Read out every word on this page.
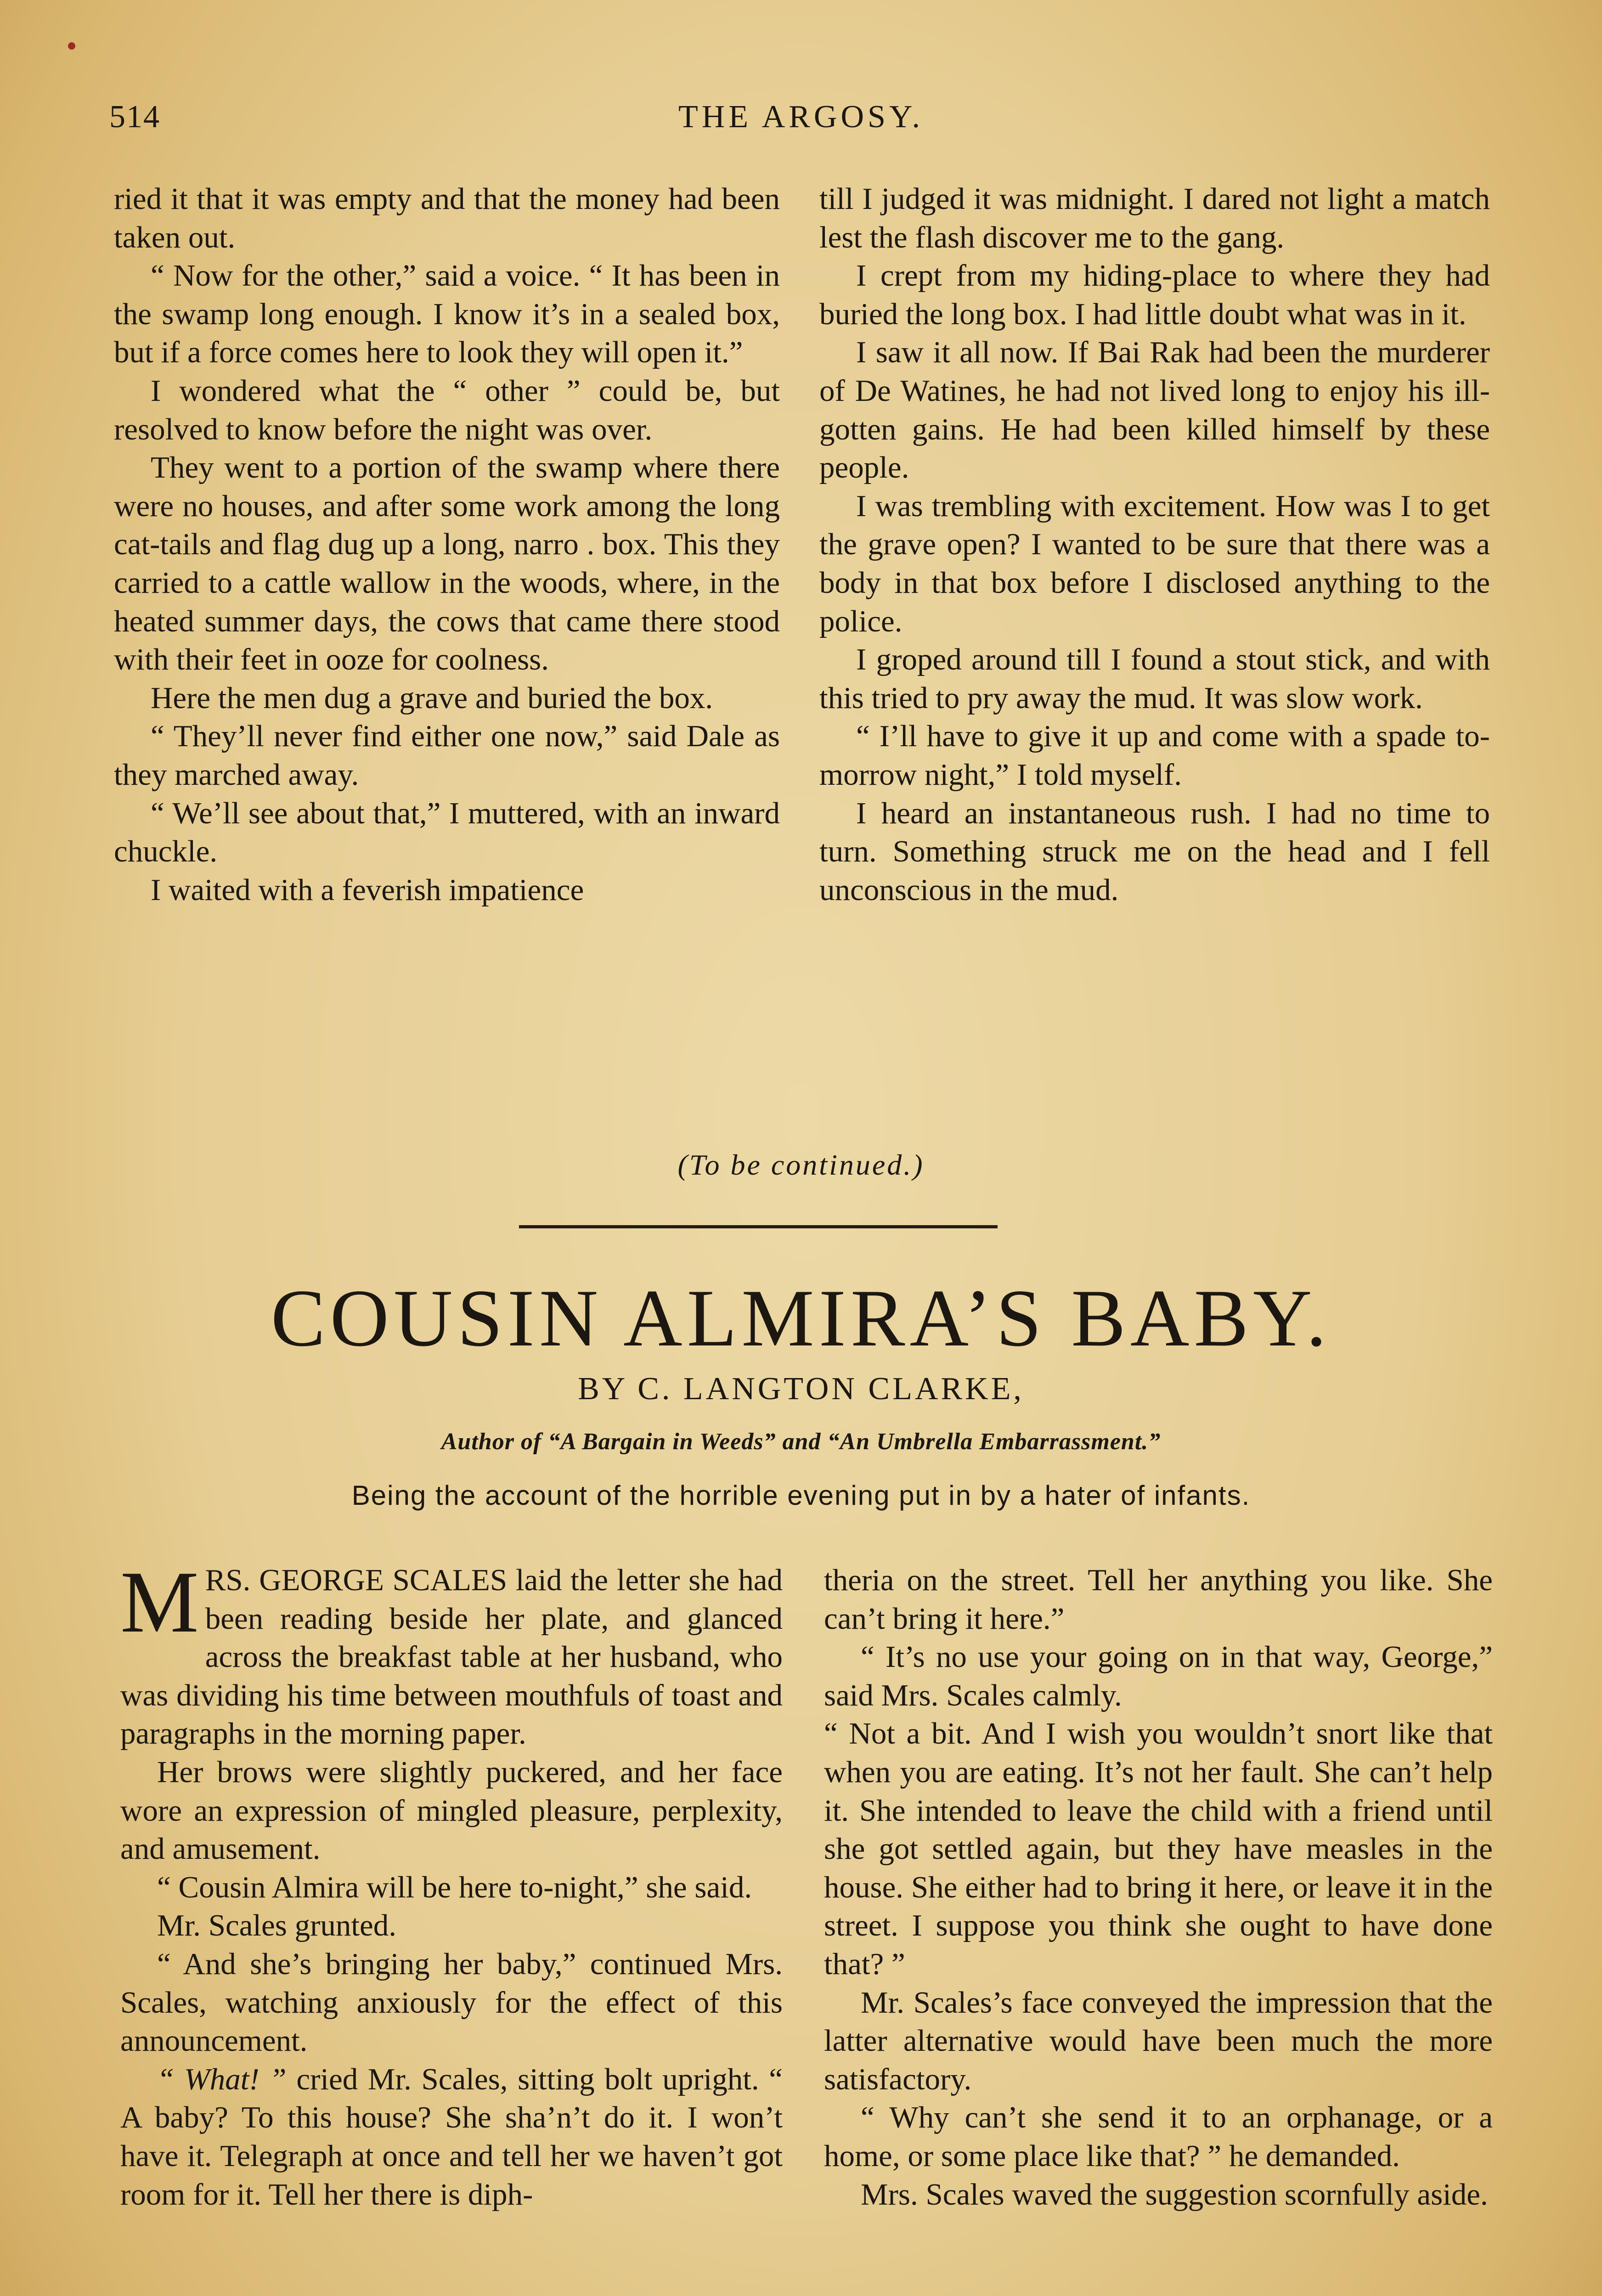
514	THE ARGOSY.

ried it that it was empty and that the money had been taken out.

“ Now for the other,” said a voice. “ It has been in the swamp long enough. I know it’s in a sealed box, but if a force comes here to look they will open it.”

I wondered what the “ other ” could be, but resolved to know before the night was over.

They went to a portion of the swamp where there were no houses, and after some work among the long cat-tails and flag dug up a long, narro . box. This they carried to a cattle wallow in the woods, where, in the heated summer days, the cows that came there stood with their feet in ooze for coolness.

Here the men dug a grave and buried the box.

“ They’ll never find either one now,” said Dale as they marched away.

“ We’ll see about that,” I muttered, with an inward chuckle.

I waited with a feverish impatience

till I judged it was midnight. I dared not light a match lest the flash discover me to the gang.

I crept from my hiding-place to where they had buried the long box. I had little doubt what was in it.

I saw it all now. If Bai Rak had been the murderer of De Watines, he had not lived long to enjoy his ill-gotten gains. He had been killed himself by these people.

I was trembling with excitement. How was I to get the grave open? I wanted to be sure that there was a body in that box before I disclosed anything to the police.

I groped around till I found a stout stick, and with this tried to pry away the mud. It was slow work.

“ I’ll have to give it up and come with a spade to-morrow night,” I told myself.

I heard an instantaneous rush. I had no time to turn. Something struck me on the head and I fell unconscious in the mud.

(To be continued.)
COUSIN ALMIRA’S BABY.
BY C. LANGTON CLARKE,
Author of “A Bargain in Weeds” and “An Umbrella Embarrassment.”
Being the account of the horrible evening put in by a hater of infants.

MRS. GEORGE SCALES laid the letter she had been reading beside her plate, and glanced across the breakfast table at her husband, who was dividing his time between mouthfuls of toast and paragraphs in the morning paper.

Her brows were slightly puckered, and her face wore an expression of mingled pleasure, perplexity, and amusement.

“ Cousin Almira will be here to-night,” she said.

Mr. Scales grunted.

“ And she’s bringing her baby,” continued Mrs. Scales, watching anxiously for the effect of this announcement.

“ What! ” cried Mr. Scales, sitting bolt upright. “ A baby? To this house? She sha’n’t do it. I won’t have it. Telegraph at once and tell her we haven’t got room for it. Tell her there is diph-

theria on the street. Tell her anything you like. She can’t bring it here.”

“ It’s no use your going on in that way, George,” said Mrs. Scales calmly.

“ Not a bit. And I wish you wouldn’t snort like that when you are eating. It’s not her fault. She can’t help it. She intended to leave the child with a friend until she got settled again, but they have measles in the house. She either had to bring it here, or leave it in the street. I suppose you think she ought to have done that? ”

Mr. Scales’s face conveyed the impression that the latter alternative would have been much the more satisfactory.

“ Why can’t she send it to an orphanage, or a home, or some place like that? ” he demanded.

Mrs. Scales waved the suggestion scornfully aside.
